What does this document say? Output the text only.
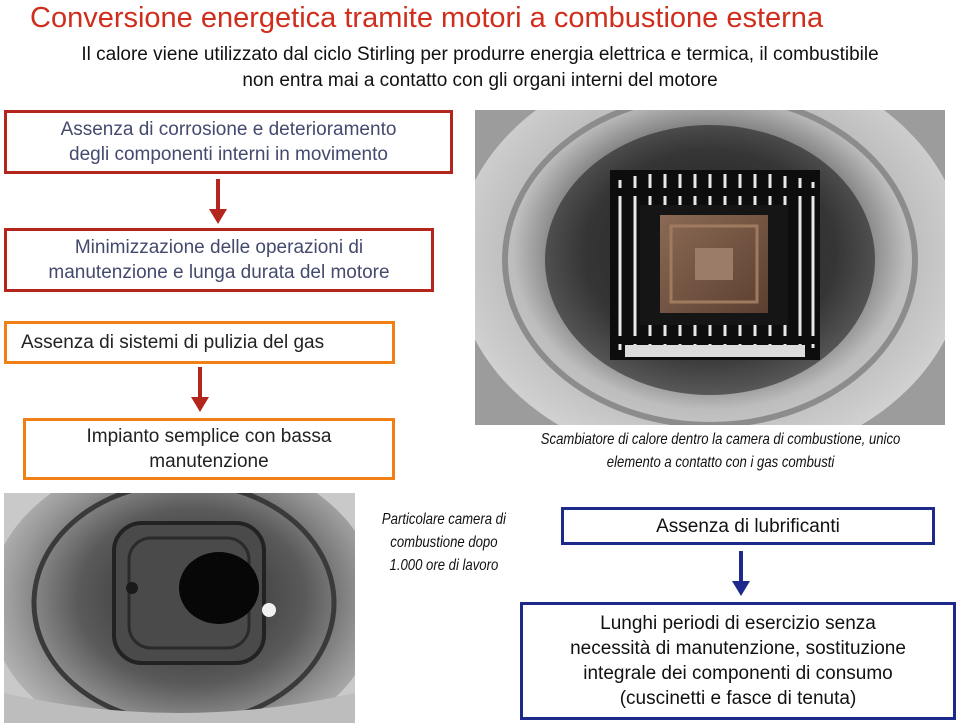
Conversione energetica tramite motori a combustione esterna
Il calore viene utilizzato dal ciclo Stirling per produrre energia elettrica e termica, il combustibile
non entra mai a contatto con gli organi interni del motore
Assenza di corrosione e deterioramento
degli componenti interni in movimento
Minimizzazione delle operazioni di
manutenzione e lunga durata del motore
Assenza di sistemi di pulizia del gas
Impianto semplice con bassa
manutenzione
Scambiatore di calore dentro la camera di combustione, unico
elemento a contatto con i gas combusti
Particolare camera di
combustione dopo
1.000 ore di lavoro
Assenza di lubrificanti
Lunghi periodi di esercizio senza
necessità di manutenzione, sostituzione
integrale dei componenti di consumo
(cuscinetti e fasce di tenuta)
